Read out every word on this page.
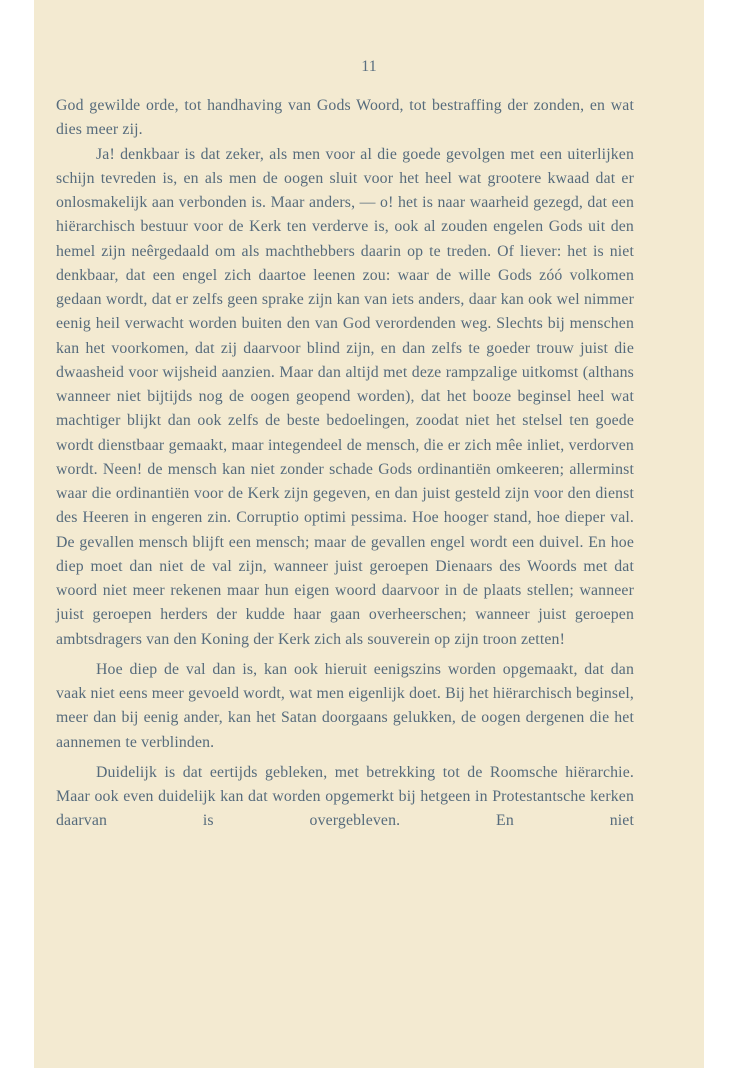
11

God gewilde orde, tot handhaving van Gods Woord, tot bestraffing der zonden, en wat dies meer zij.

Ja! denkbaar is dat zeker, als men voor al die goede gevolgen met een uiterlijken schijn tevreden is, en als men de oogen sluit voor het heel wat grootere kwaad dat er onlosmakelijk aan verbonden is. Maar anders, — o! het is naar waarheid gezegd, dat een hiërarchisch bestuur voor de Kerk ten verderve is, ook al zouden engelen Gods uit den hemel zijn neêrgedaald om als machthebbers daarin op te treden. Of liever: het is niet denkbaar, dat een engel zich daartoe leenen zou: waar de wille Gods zóó volkomen gedaan wordt, dat er zelfs geen sprake zijn kan van iets anders, daar kan ook wel nimmer eenig heil verwacht worden buiten den van God verordenden weg. Slechts bij menschen kan het voorkomen, dat zij daarvoor blind zijn, en dan zelfs te goeder trouw juist die dwaasheid voor wijsheid aanzien. Maar dan altijd met deze rampzalige uitkomst (althans wanneer niet bijtijds nog de oogen geopend worden), dat het booze beginsel heel wat machtiger blijkt dan ook zelfs de beste bedoelingen, zoodat niet het stelsel ten goede wordt dienstbaar gemaakt, maar integendeel de mensch, die er zich mêe inliet, verdorven wordt. Neen! de mensch kan niet zonder schade Gods ordinantiën omkeeren; allerminst waar die ordinantiën voor de Kerk zijn gegeven, en dan juist gesteld zijn voor den dienst des Heeren in engeren zin. Corruptio optimi pessima. Hoe hooger stand, hoe dieper val. De gevallen mensch blijft een mensch; maar de gevallen engel wordt een duivel. En hoe diep moet dan niet de val zijn, wanneer juist geroepen Dienaars des Woords met dat woord niet meer rekenen maar hun eigen woord daarvoor in de plaats stellen; wanneer juist geroepen herders der kudde haar gaan overheerschen; wanneer juist geroepen ambtsdragers van den Koning der Kerk zich als souverein op zijn troon zetten!

Hoe diep de val dan is, kan ook hieruit eenigszins worden opgemaakt, dat dan vaak niet eens meer gevoeld wordt, wat men eigenlijk doet. Bij het hiërarchisch beginsel, meer dan bij eenig ander, kan het Satan doorgaans gelukken, de oogen dergenen die het aannemen te verblinden.

Duidelijk is dat eertijds gebleken, met betrekking tot de Roomsche hiërarchie. Maar ook even duidelijk kan dat worden opgemerkt bij hetgeen in Protestantsche kerken daarvan is overgebleven. En niet
